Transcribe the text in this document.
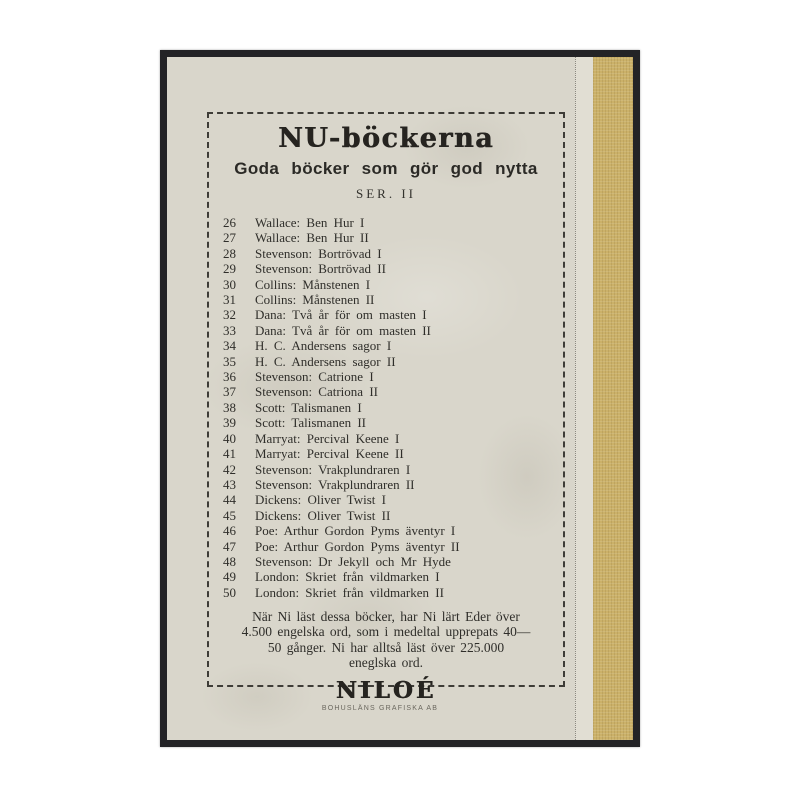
NU-böckerna
Goda böcker som gör god nytta
SER. II
26	Wallace: Ben Hur I
27	Wallace: Ben Hur II
28	Stevenson: Bortrövad I
29	Stevenson: Bortrövad II
30	Collins: Månstenen I
31	Collins: Månstenen II
32	Dana: Två år för om masten I
33	Dana: Två år för om masten II
34	H. C. Andersens sagor I
35	H. C. Andersens sagor II
36	Stevenson: Catrione I
37	Stevenson: Catriona II
38	Scott: Talismanen I
39	Scott: Talismanen II
40	Marryat: Percival Keene I
41	Marryat: Percival Keene II
42	Stevenson: Vrakplundraren I
43	Stevenson: Vrakplundraren II
44	Dickens: Oliver Twist I
45	Dickens: Oliver Twist II
46	Poe: Arthur Gordon Pyms äventyr I
47	Poe: Arthur Gordon Pyms äventyr II
48	Stevenson: Dr Jekyll och Mr Hyde
49	London: Skriet från vildmarken I
50	London: Skriet från vildmarken II
När Ni läst dessa böcker, har Ni lärt Eder över
4.500 engelska ord, som i medeltal upprepats 40—
50 gånger. Ni har alltså läst över 225.000
eneglska ord.
NILOÉ
BOHUSLÄNS GRAFISKA AB
